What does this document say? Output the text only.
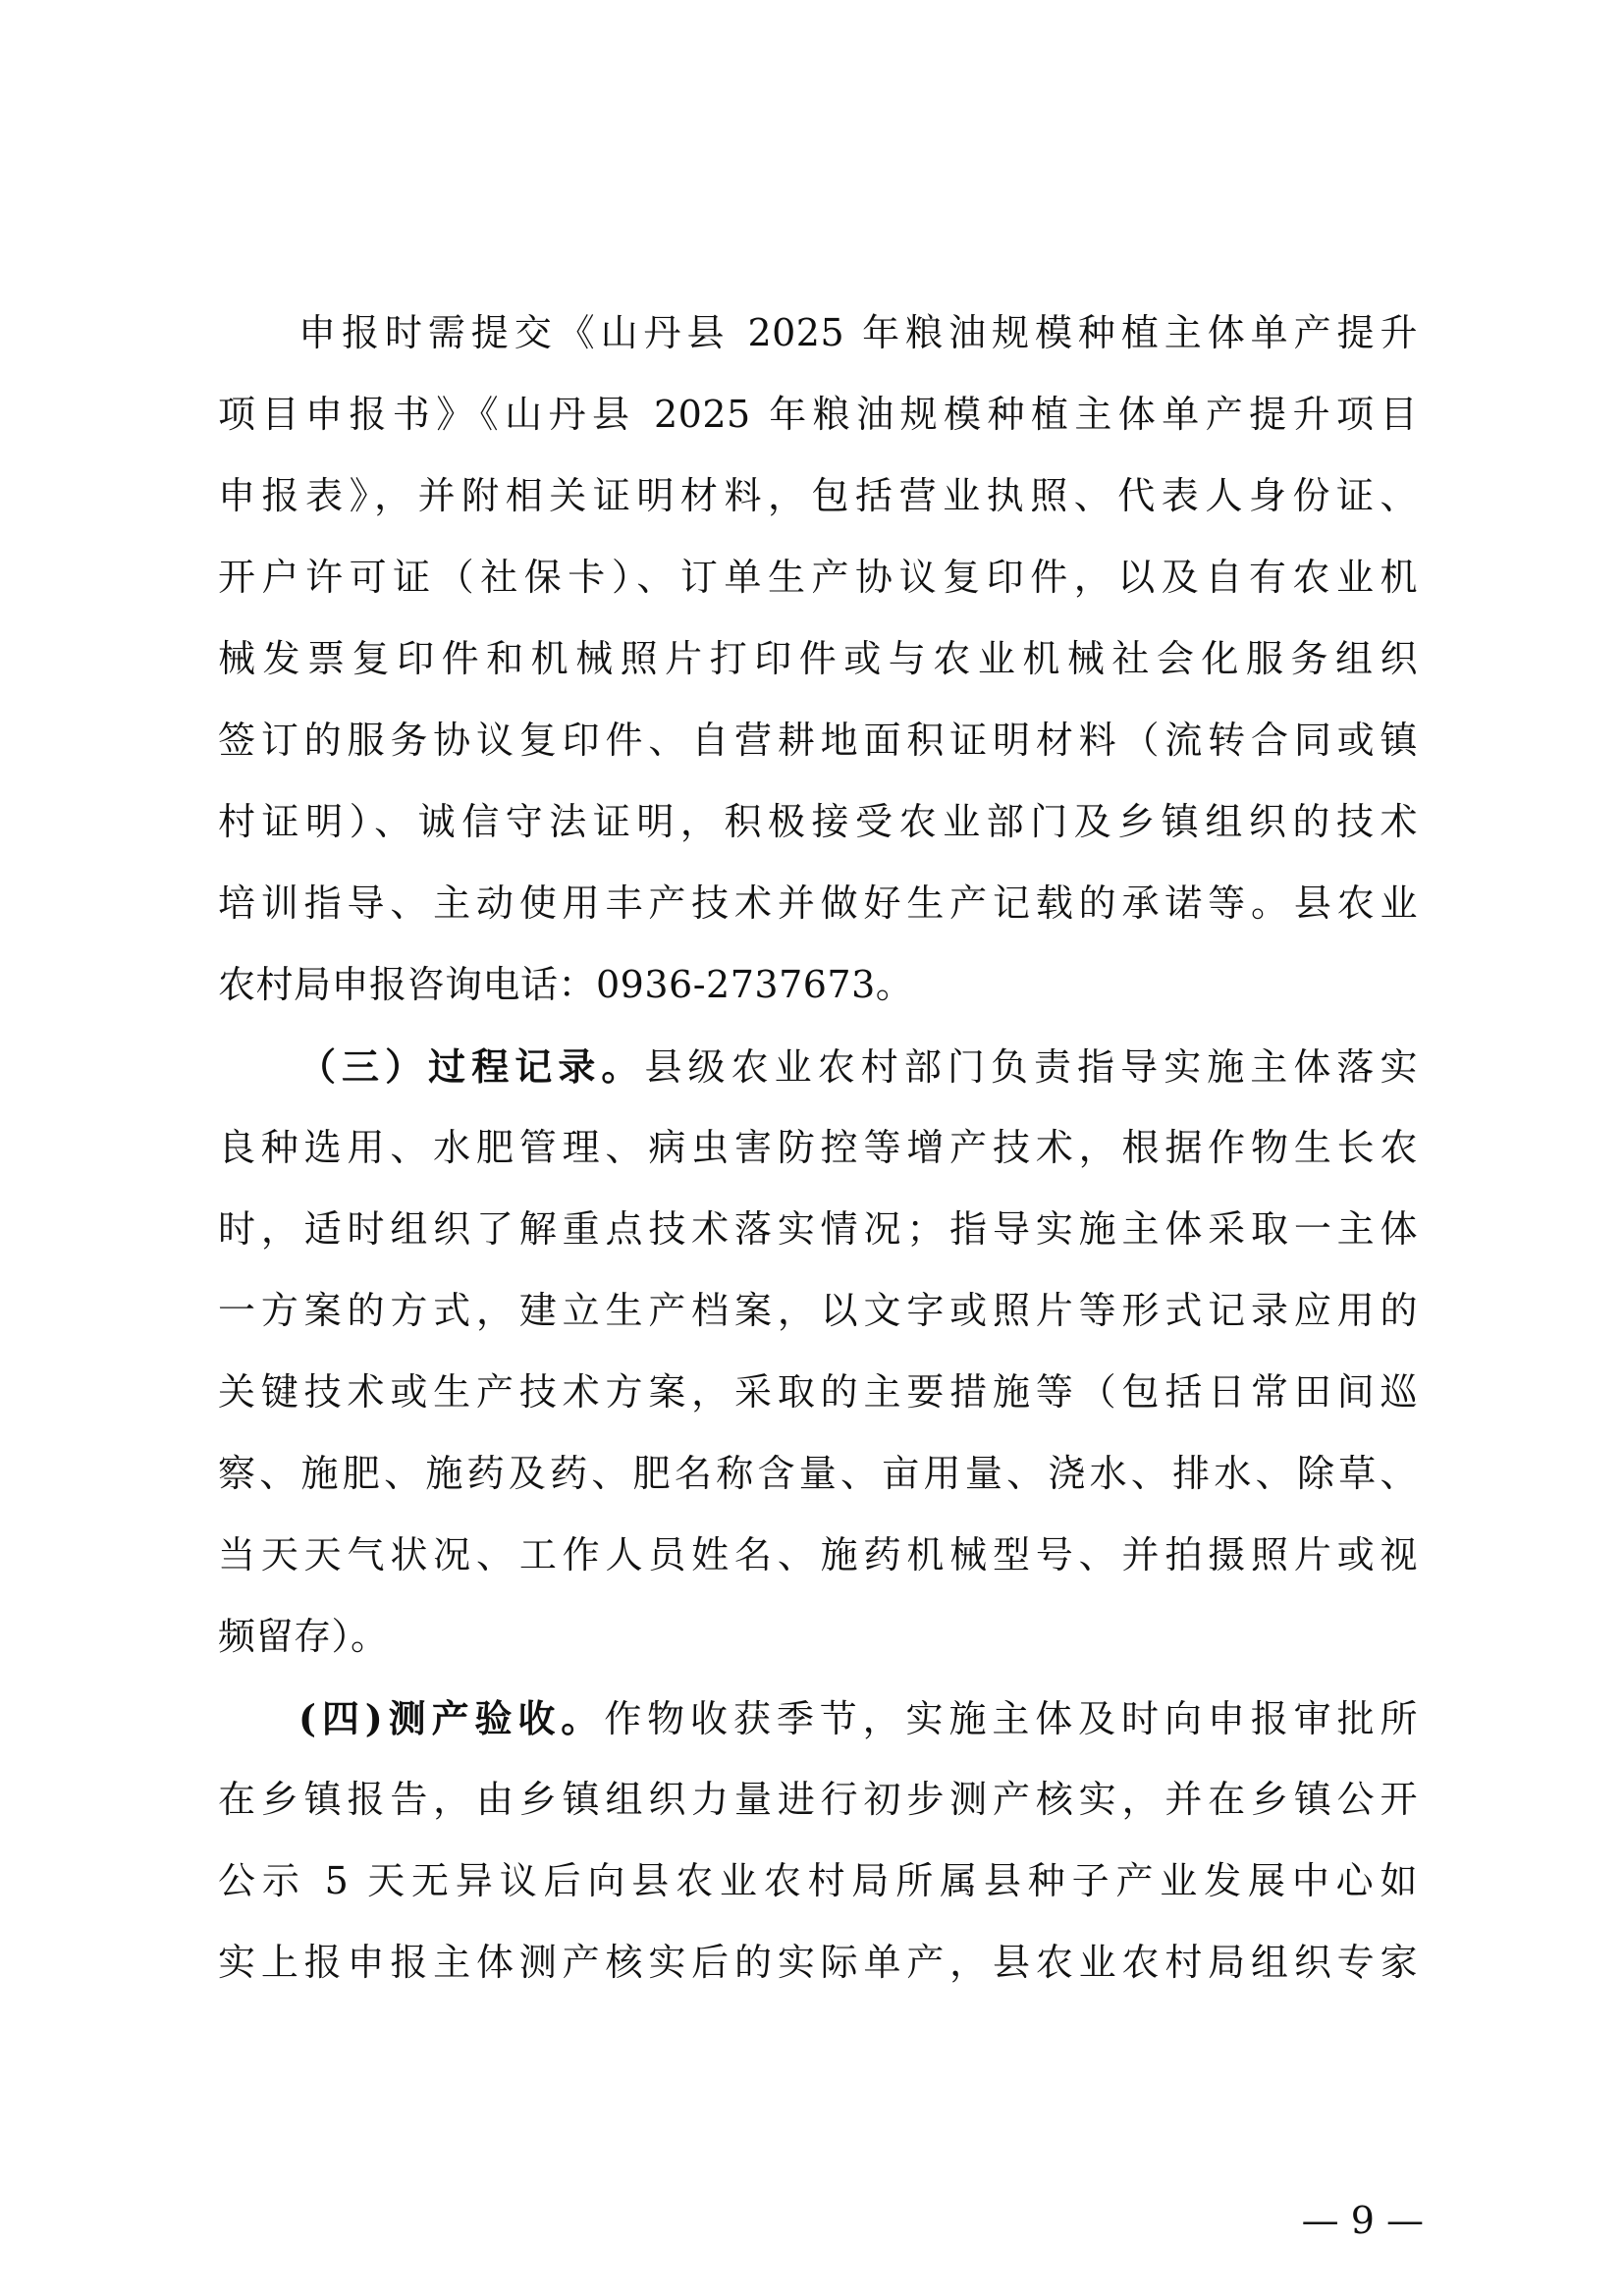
申报时需提交《山丹县 2025 年粮油规模种植主体单产提升
项目申报书》《山丹县 2025 年粮油规模种植主体单产提升项目
申报表》，并附相关证明材料，包括营业执照、代表人身份证、
开户许可证（社保卡）、订单生产协议复印件，以及自有农业机
械发票复印件和机械照片打印件或与农业机械社会化服务组织
签订的服务协议复印件、自营耕地面积证明材料（流转合同或镇
村证明）、诚信守法证明，积极接受农业部门及乡镇组织的技术
培训指导、主动使用丰产技术并做好生产记载的承诺等。县农业
农村局申报咨询电话：0936-2737673。
（三）过程记录。县级农业农村部门负责指导实施主体落实
良种选用、水肥管理、病虫害防控等增产技术，根据作物生长农
时，适时组织了解重点技术落实情况；指导实施主体采取一主体
一方案的方式，建立生产档案，以文字或照片等形式记录应用的
关键技术或生产技术方案，采取的主要措施等（包括日常田间巡
察、施肥、施药及药、肥名称含量、亩用量、浇水、排水、除草、
当天天气状况、工作人员姓名、施药机械型号、并拍摄照片或视
频留存）。
(四)测产验收。作物收获季节，实施主体及时向申报审批所
在乡镇报告，由乡镇组织力量进行初步测产核实，并在乡镇公开
公示 5 天无异议后向县农业农村局所属县种子产业发展中心如
实上报申报主体测产核实后的实际单产，县农业农村局组织专家
— 9 —
